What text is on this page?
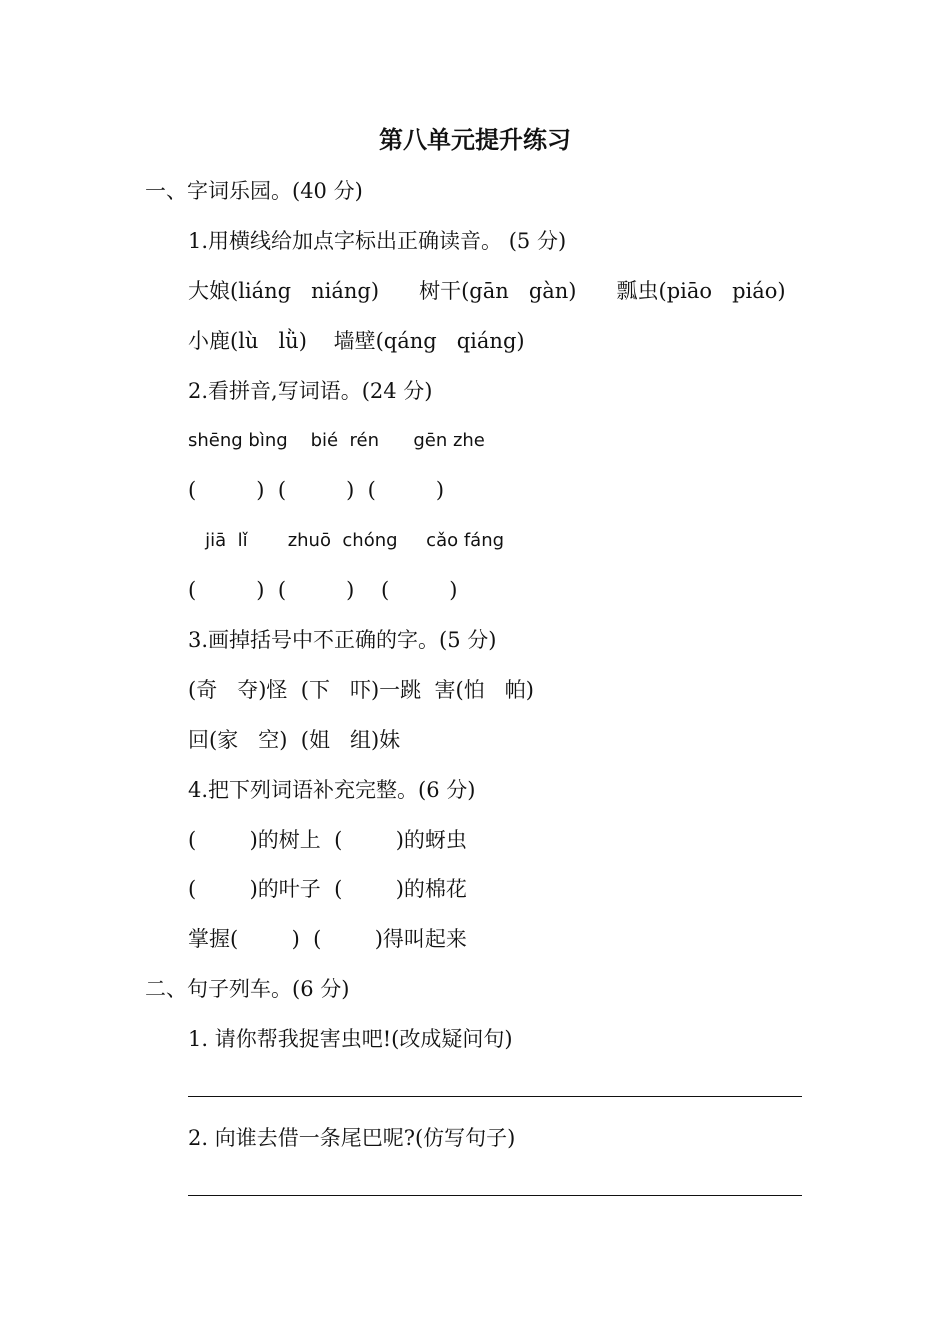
第八单元提升练习
一、字词乐园。(40 分)
1.用横线给加点字标出正确读音。 (5 分)
大娘(liáng   niáng)      树干(gān   gàn)      瓢虫(piāo   piáo)
小鹿(lù   lǜ)    墙壁(qáng   qiáng)
2.看拼音,写词语。(24 分)
shēng bìng    bié  rén      gēn zhe
(         )  (         )  (         )
jiā  lǐ       zhuō  chóng     cǎo fáng
(         )  (         )    (         )
3.画掉括号中不正确的字。(5 分)
(奇   夺)怪  (下   吓)一跳  害(怕   帕)
回(家   空)  (姐   组)妹
4.把下列词语补充完整。(6 分)
(        )的树上  (        )的蚜虫
(        )的叶子  (        )的棉花
掌握(        )  (        )得叫起来
二、句子列车。(6 分)
1. 请你帮我捉害虫吧!(改成疑问句)
2. 向谁去借一条尾巴呢?(仿写句子)
